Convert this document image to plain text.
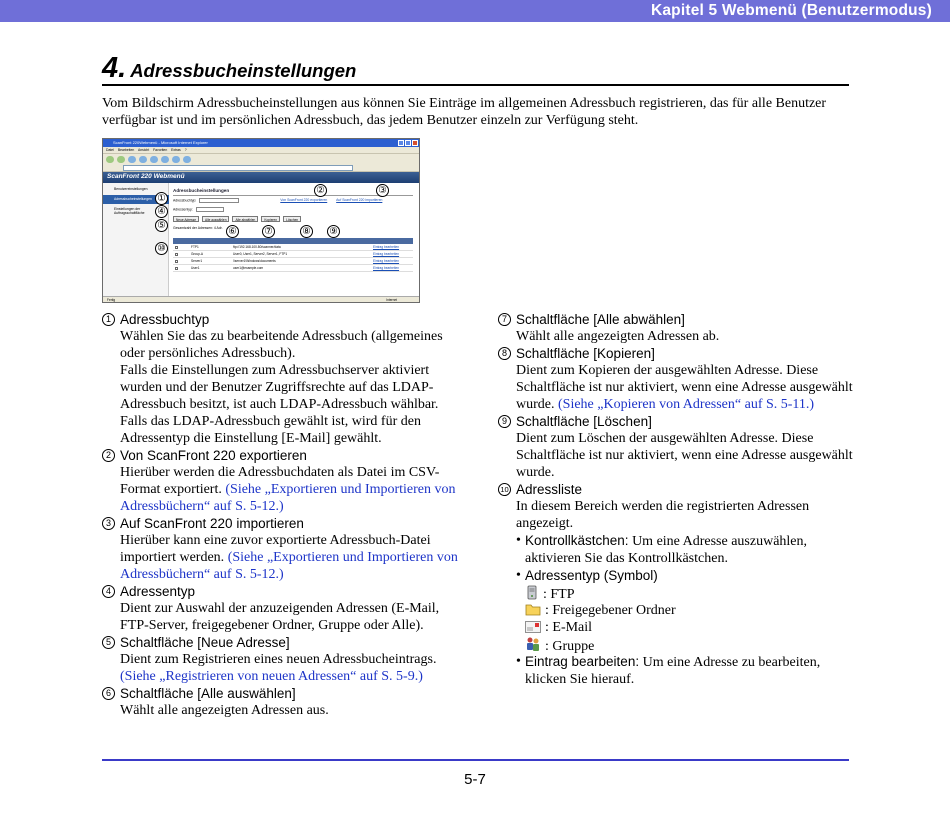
Kapitel 5 Webmenü (Benutzermodus)
4. Adressbucheinstellungen

Vom Bildschirm Adressbucheinstellungen aus können Sie Einträge im allgemeinen Adressbuch registrieren, das für alle Benutzer verfügbar ist und im persönlichen Adressbuch, das jedem Benutzer einzeln zur Verfügung steht.

ScanFront 220Webmenü - Microsoft Internet Explorer
Datei Bearbeiten Ansicht Favoriten Extras ?
ScanFront 220 Webmenü
Benutzereinstellungen
Adressbucheinstellungen
Einstellungen der Auftragsschaltfläche
Adressbucheinstellungen
Adressbuchtyp:	Von ScanFront 220 exportieren	Auf ScanFront 220 importieren
Adressentyp:
Neue Adresse	Alle auswählen	Alle abwählen	Kopieren	Löschen
Gesamtzahl der Adressen: 4 Adr.
FTP1	ftp://192.168.100.80/scanner/data	Eintrag bearbeiten
Group-A	User0, User1, Server2, Server1, FTP1	Eintrag bearbeiten
Server1	\\server1\Windows\documents	Eintrag bearbeiten
User1	user1@example.com	Eintrag bearbeiten
Fertig	Internet
①
②	③
④
⑤
⑥	⑦	⑧ ⑨
⑩
1 Adressbuchtyp
Wählen Sie das zu bearbeitende Adressbuch (allgemeines oder persönliches Adressbuch).
Falls die Einstellungen zum Adressbuchserver aktiviert wurden und der Benutzer Zugriffsrechte auf das LDAP-Adressbuch besitzt, ist auch LDAP-Adressbuch wählbar.
Falls das LDAP-Adressbuch gewählt ist, wird für den Adressentyp die Einstellung [E-Mail] gewählt.
2 Von ScanFront 220 exportieren
Hierüber werden die Adressbuchdaten als Datei im CSV-Format exportiert. (Siehe „Exportieren und Importieren von Adressbüchern“ auf S. 5-12.)
3 Auf ScanFront 220 importieren
Hierüber kann eine zuvor exportierte Adressbuch-Datei importiert werden. (Siehe „Exportieren und Importieren von Adressbüchern“ auf S. 5-12.)
4 Adressentyp
Dient zur Auswahl der anzuzeigenden Adressen (E-Mail, FTP-Server, freigegebener Ordner, Gruppe oder Alle).
5 Schaltfläche [Neue Adresse]
Dient zum Registrieren eines neuen Adressbucheintrags. (Siehe „Registrieren von neuen Adressen“ auf S. 5-9.)
6 Schaltfläche [Alle auswählen]
Wählt alle angezeigten Adressen aus.
7 Schaltfläche [Alle abwählen]
Wählt alle angezeigten Adressen ab.
8 Schaltfläche [Kopieren]
Dient zum Kopieren der ausgewählten Adresse. Diese Schaltfläche ist nur aktiviert, wenn eine Adresse ausgewählt wurde. (Siehe „Kopieren von Adressen“ auf S. 5-11.)
9 Schaltfläche [Löschen]
Dient zum Löschen der ausgewählten Adresse. Diese Schaltfläche ist nur aktiviert, wenn eine Adresse ausgewählt wurde.
10 Adressliste
In diesem Bereich werden die registrierten Adressen angezeigt.
• Kontrollkästchen: Um eine Adresse auszuwählen, aktivieren Sie das Kontrollkästchen.
• Adressentyp (Symbol)
: FTP
: Freigegebener Ordner
: E-Mail
: Gruppe
• Eintrag bearbeiten: Um eine Adresse zu bearbeiten, klicken Sie hierauf.
5-7
